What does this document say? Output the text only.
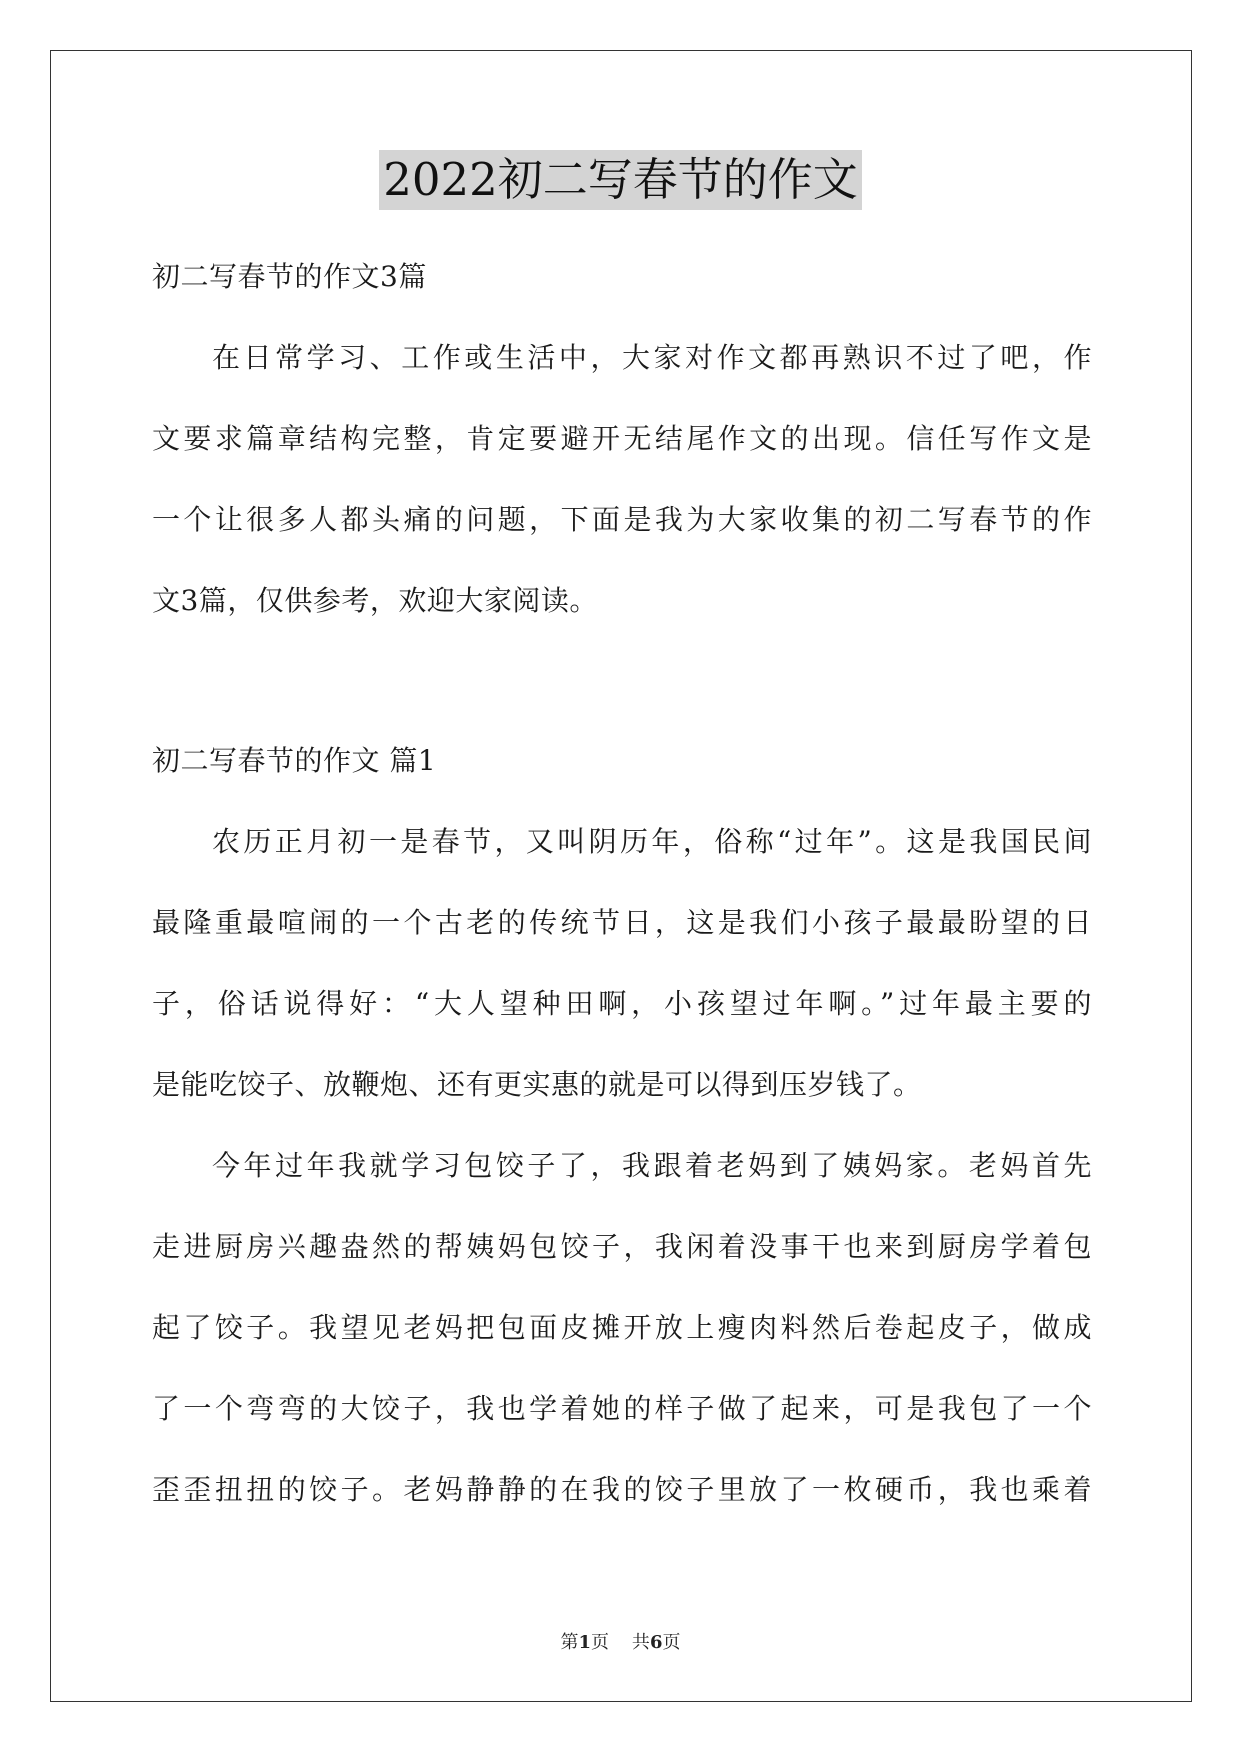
2022初二写春节的作文
初二写春节的作文3篇
在日常学习、工作或生活中，大家对作文都再熟识不过了吧，作
文要求篇章结构完整，肯定要避开无结尾作文的出现。信任写作文是
一个让很多人都头痛的问题，下面是我为大家收集的初二写春节的作
文3篇，仅供参考，欢迎大家阅读。
初二写春节的作文 篇1
农历正月初一是春节，又叫阴历年，俗称“过年”。这是我国民间
最隆重最喧闹的一个古老的传统节日，这是我们小孩子最最盼望的日
子，俗话说得好：“大人望种田啊，小孩望过年啊。”过年最主要的
是能吃饺子、放鞭炮、还有更实惠的就是可以得到压岁钱了。
今年过年我就学习包饺子了，我跟着老妈到了姨妈家。老妈首先
走进厨房兴趣盎然的帮姨妈包饺子，我闲着没事干也来到厨房学着包
起了饺子。我望见老妈把包面皮摊开放上瘦肉料然后卷起皮子，做成
了一个弯弯的大饺子，我也学着她的样子做了起来，可是我包了一个
歪歪扭扭的饺子。老妈静静的在我的饺子里放了一枚硬币，我也乘着
第1页    共6页
